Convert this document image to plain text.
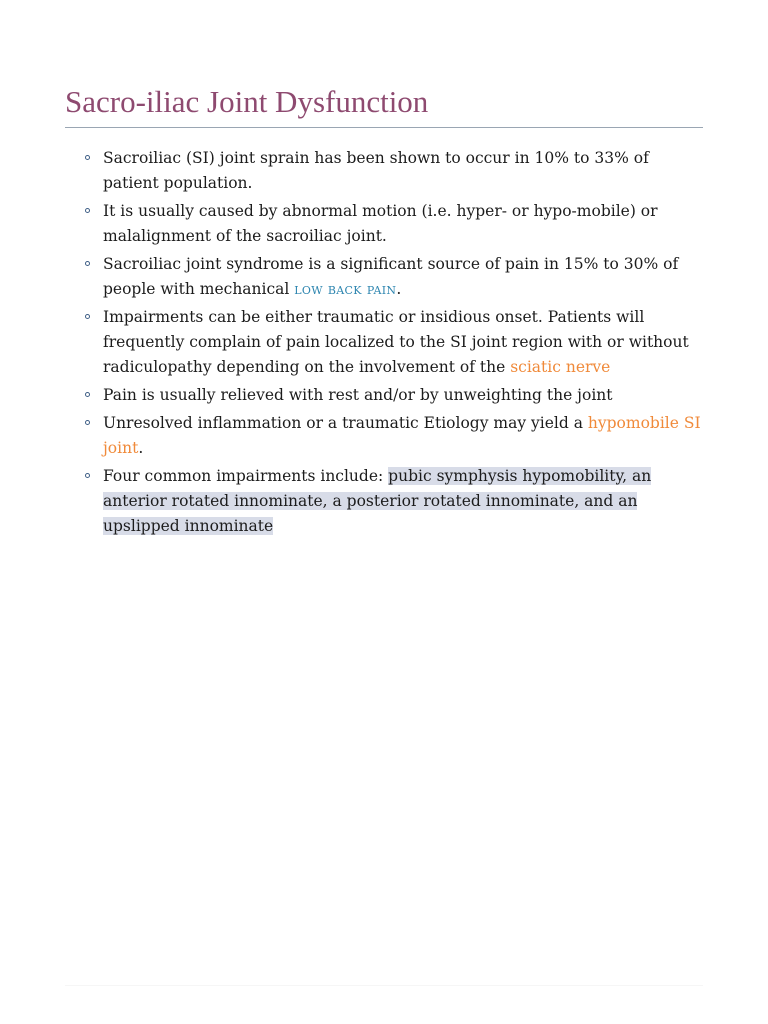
Sacro-iliac Joint Dysfunction
Sacroiliac (SI) joint sprain has been shown to occur in 10% to 33% of patient population.
It is usually caused by abnormal motion (i.e. hyper- or hypo-mobile) or malalignment of the sacroiliac joint.
Sacroiliac joint syndrome is a significant source of pain in 15% to 30% of people with mechanical low back pain.
Impairments can be either traumatic or insidious onset. Patients will frequently complain of pain localized to the SI joint region with or without radiculopathy depending on the involvement of the sciatic nerve
Pain is usually relieved with rest and/or by unweighting the joint
Unresolved inflammation or a traumatic Etiology may yield a hypomobile SI joint.
Four common impairments include: pubic symphysis hypomobility, an anterior rotated innominate, a posterior rotated innominate, and an upslipped innominate
